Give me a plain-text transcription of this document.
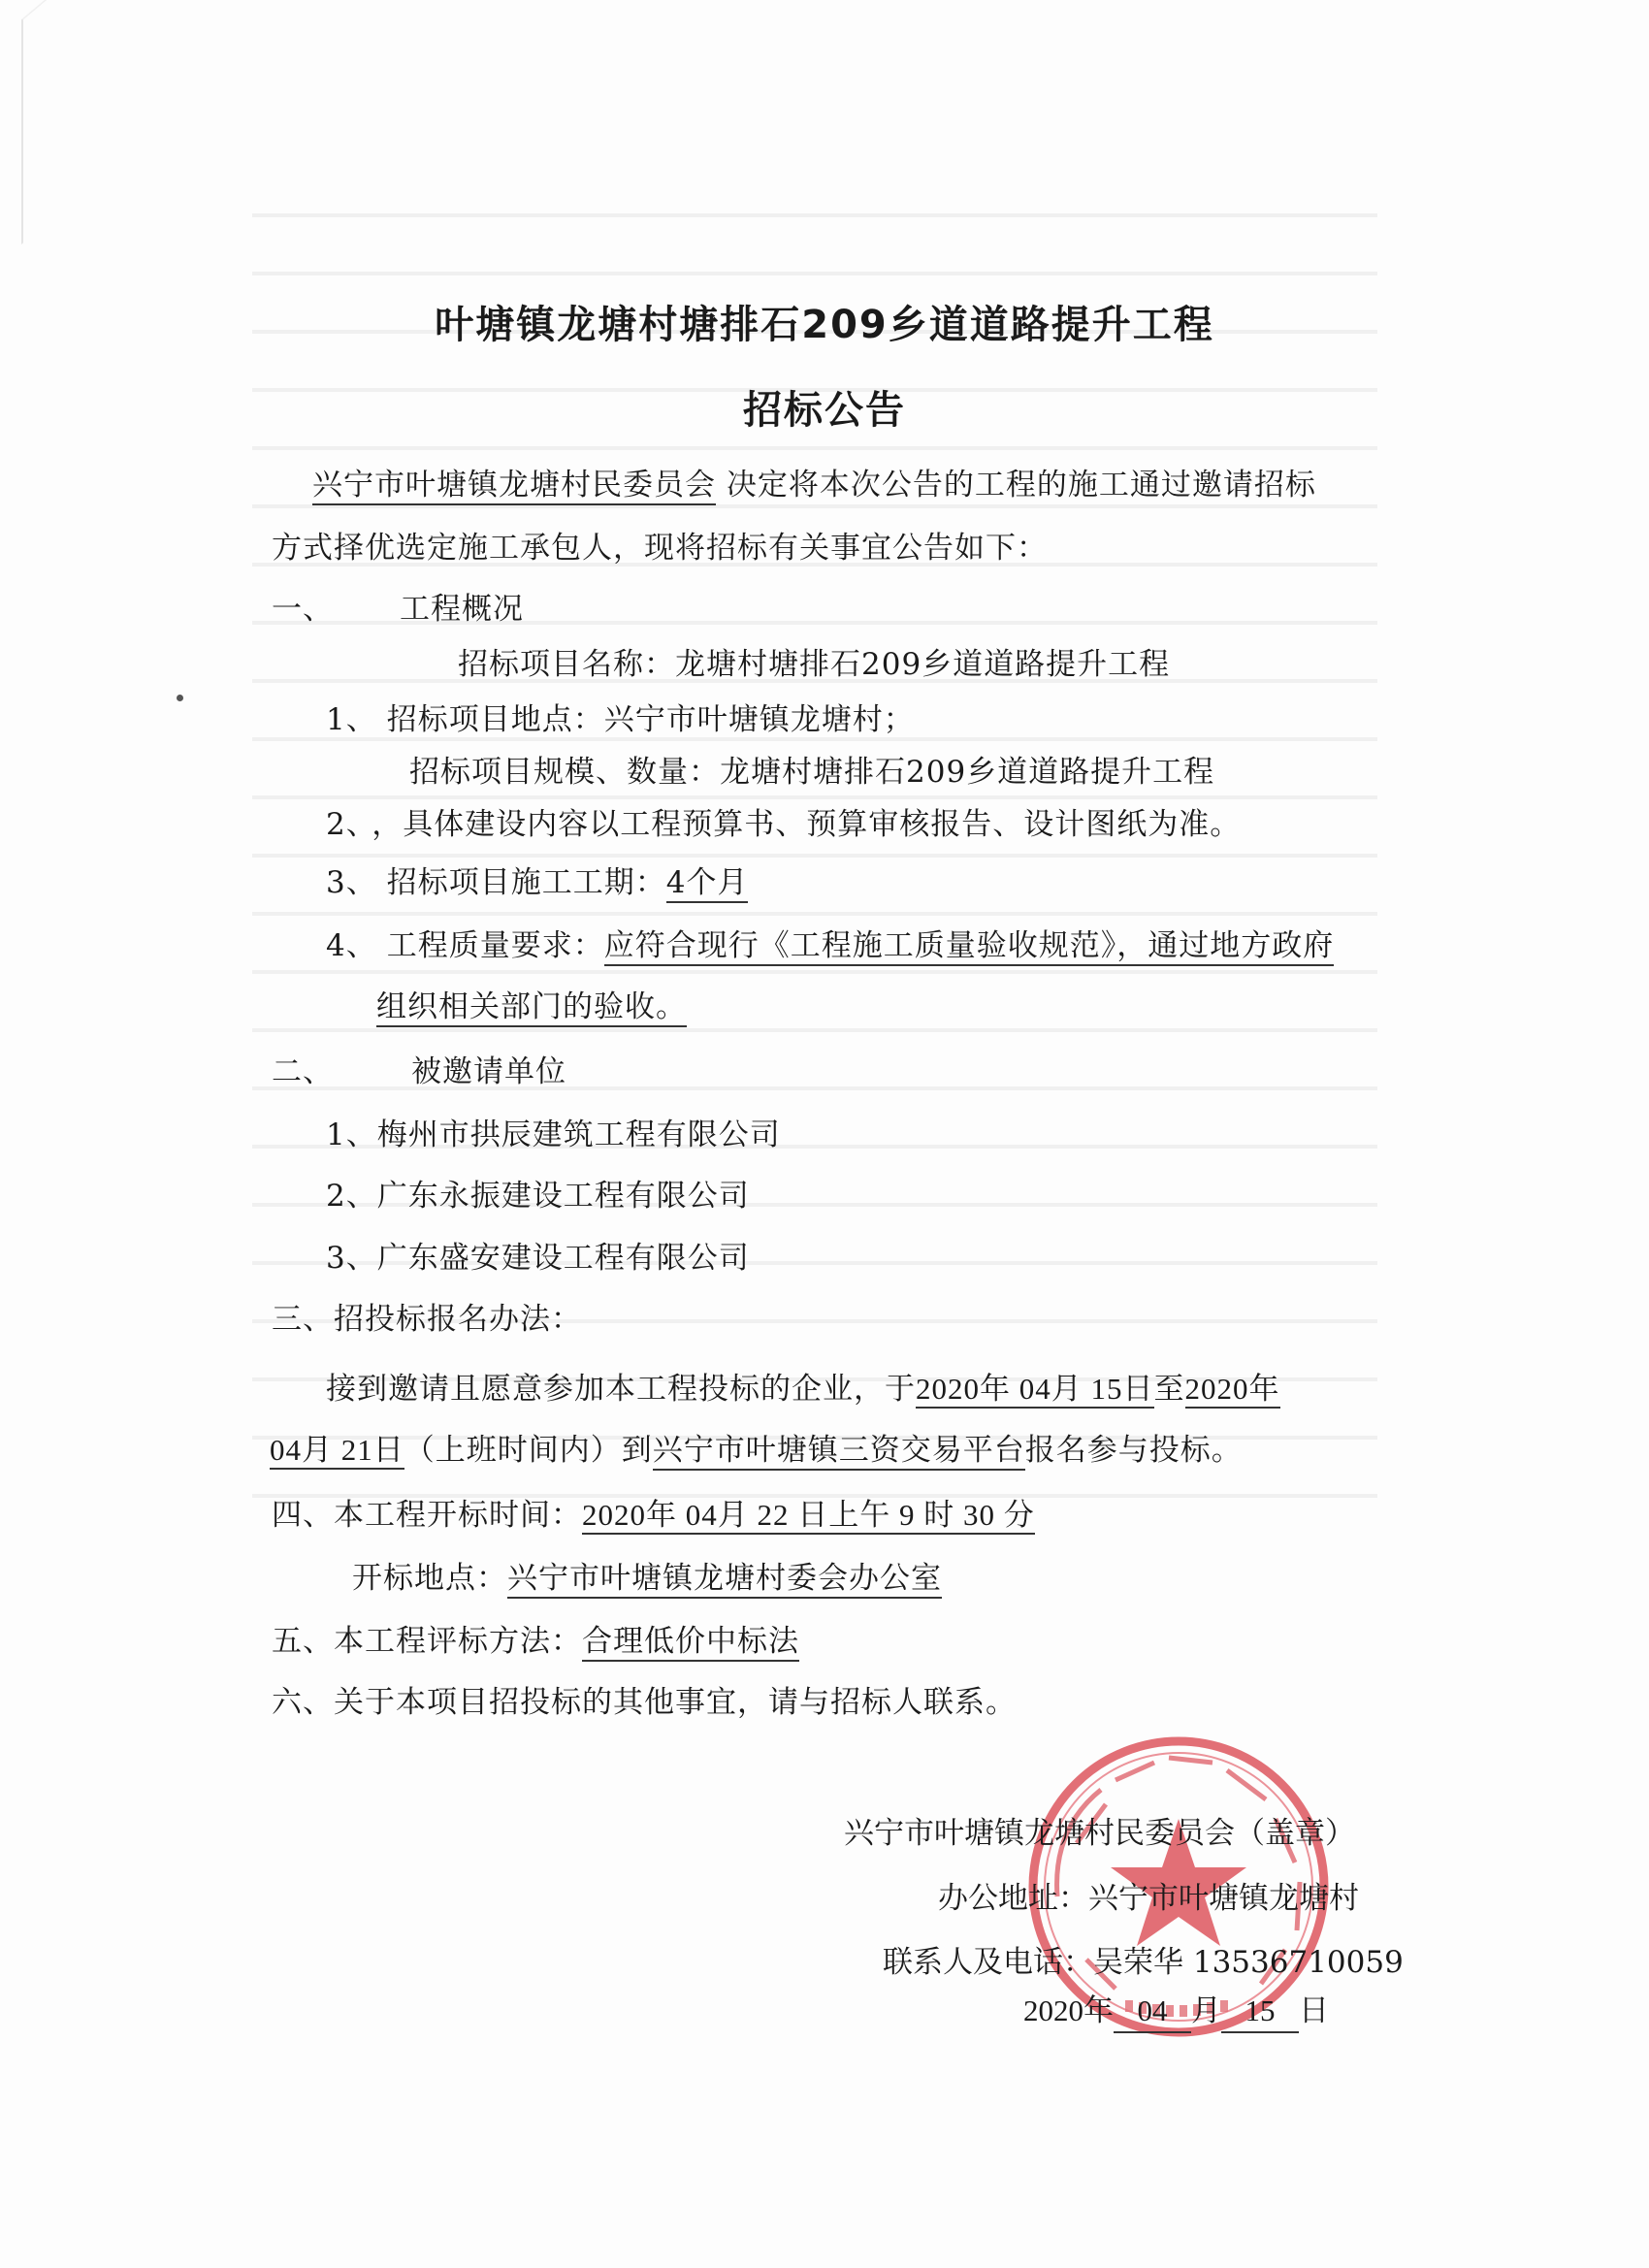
叶塘镇龙塘村塘排石209乡道道路提升工程
招标公告
兴宁市叶塘镇龙塘村民委员会 决定将本次公告的工程的施工通过邀请招标
方式择优选定施工承包人，现将招标有关事宜公告如下：
一、 工程概况
招标项目名称：龙塘村塘排石209乡道道路提升工程
1、 招标项目地点：兴宁市叶塘镇龙塘村；
招标项目规模、数量：龙塘村塘排石209乡道道路提升工程
2、 ，具体建设内容以工程预算书、预算审核报告、设计图纸为准。
3、 招标项目施工工期：4个月
4、 工程质量要求：应符合现行《工程施工质量验收规范》，通过地方政府
组织相关部门的验收。
二、	被邀请单位
1、梅州市拱辰建筑工程有限公司
2、广东永振建设工程有限公司
3、广东盛安建设工程有限公司
三、招投标报名办法：
接到邀请且愿意参加本工程投标的企业，于2020年 04月 15日至2020年
04月 21日（上班时间内）到兴宁市叶塘镇三资交易平台报名参与投标。
四、本工程开标时间：2020年 04月 22 日上午 9 时 30 分
开标地点：兴宁市叶塘镇龙塘村委会办公室
五、本工程评标方法：合理低价中标法
六、关于本项目招投标的其他事宜，请与招标人联系。
兴宁市叶塘镇龙塘村民委员会（盖章）
办公地址：兴宁市叶塘镇龙塘村
联系人及电话：吴荣华 13536710059
2020年 04 月 15 日
